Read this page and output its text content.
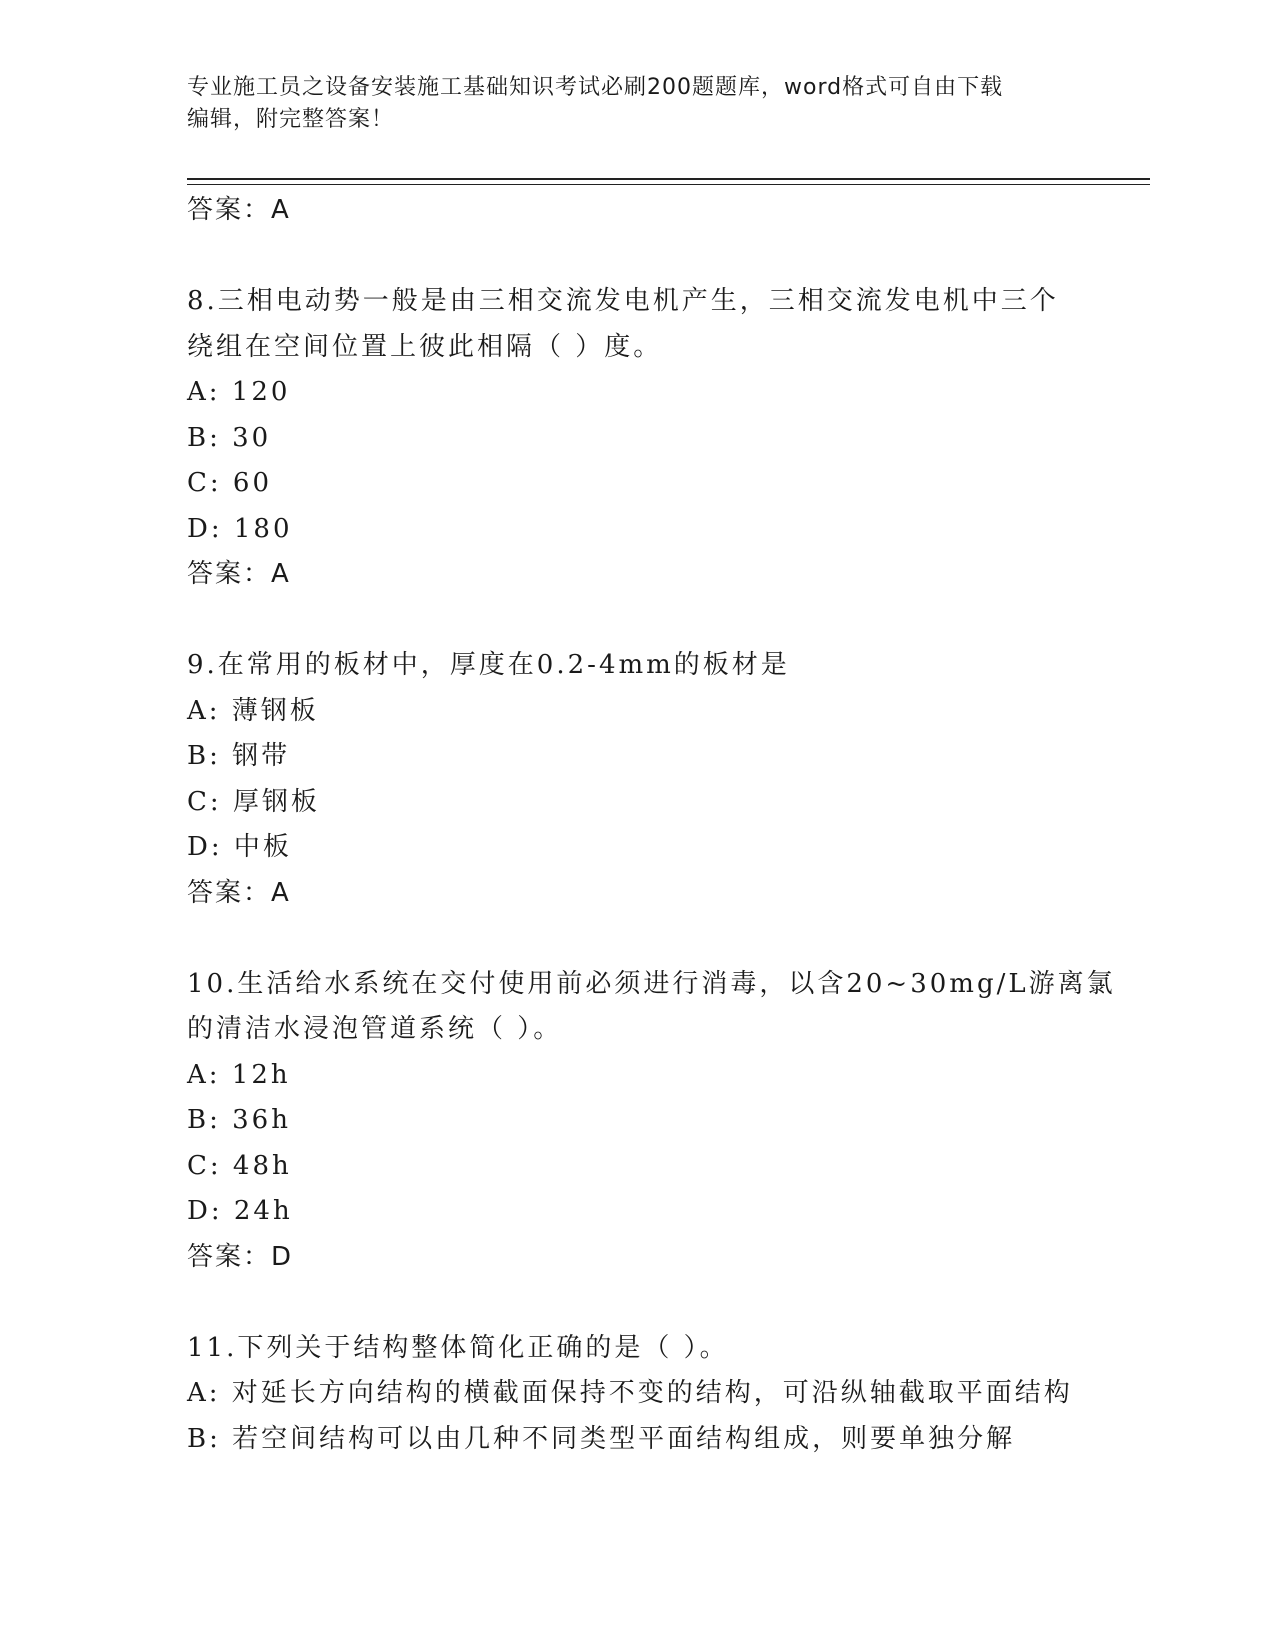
专业施工员之设备安装施工基础知识考试必刷200题题库，word格式可自由下载
编辑，附完整答案！
答案：A
8.三相电动势一般是由三相交流发电机产生，三相交流发电机中三个
绕组在空间位置上彼此相隔（ ）度。
A: 120
B: 30
C: 60
D: 180
答案：A
9.在常用的板材中，厚度在0.2-4mm的板材是
A: 薄钢板
B: 钢带
C: 厚钢板
D: 中板
答案：A
10.生活给水系统在交付使用前必须进行消毒，以含20~30mg/L游离氯
的清洁水浸泡管道系统（ ）。
A: 12h
B: 36h
C: 48h
D: 24h
答案：D
11.下列关于结构整体简化正确的是（ ）。
A: 对延长方向结构的横截面保持不变的结构，可沿纵轴截取平面结构
B: 若空间结构可以由几种不同类型平面结构组成，则要单独分解
